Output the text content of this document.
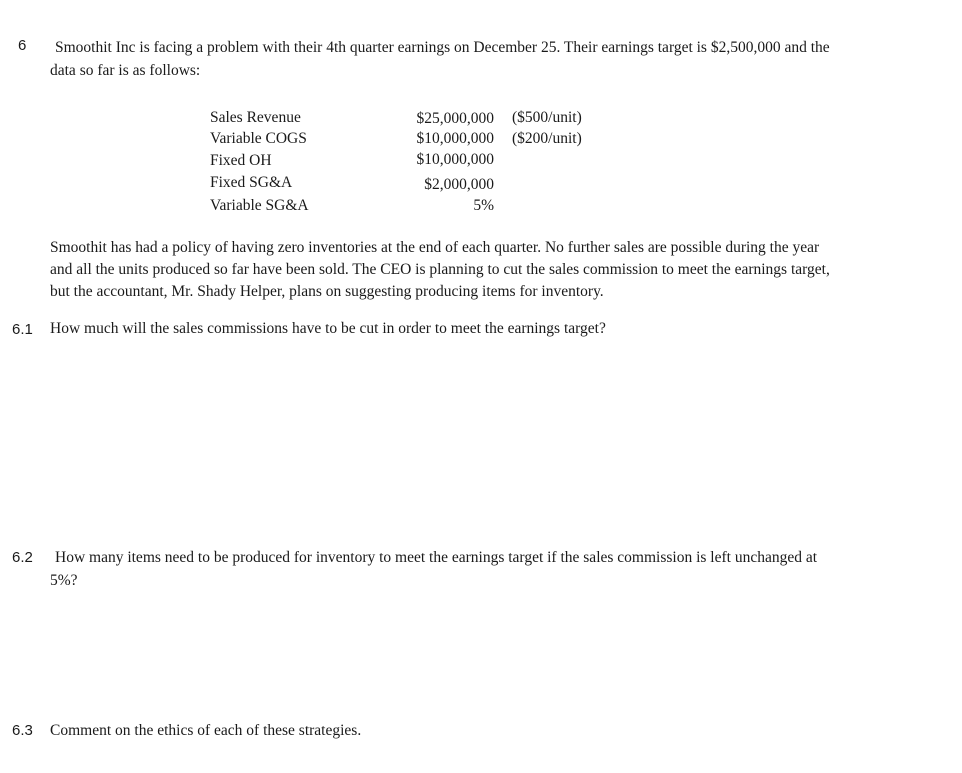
6 Smoothit Inc is facing a problem with their 4th quarter earnings on December 25. Their earnings target is $2,500,000 and the
data so far is as follows:
Sales Revenue	$25,000,000 ($500/unit)
Variable COGS	$10,000,000 ($200/unit)
Fixed OH	$10,000,000
Fixed SG&A	$2,000,000
Variable SG&A	5%
Smoothit has had a policy of having zero inventories at the end of each quarter. No further sales are possible during the year
and all the units produced so far have been sold. The CEO is planning to cut the sales commission to meet the earnings target,
but the accountant, Mr. Shady Helper, plans on suggesting producing items for inventory.
6.1 How much will the sales commissions have to be cut in order to meet the earnings target?
6.2 How many items need to be produced for inventory to meet the earnings target if the sales commission is left unchanged at
5%?
6.3 Comment on the ethics of each of these strategies.
